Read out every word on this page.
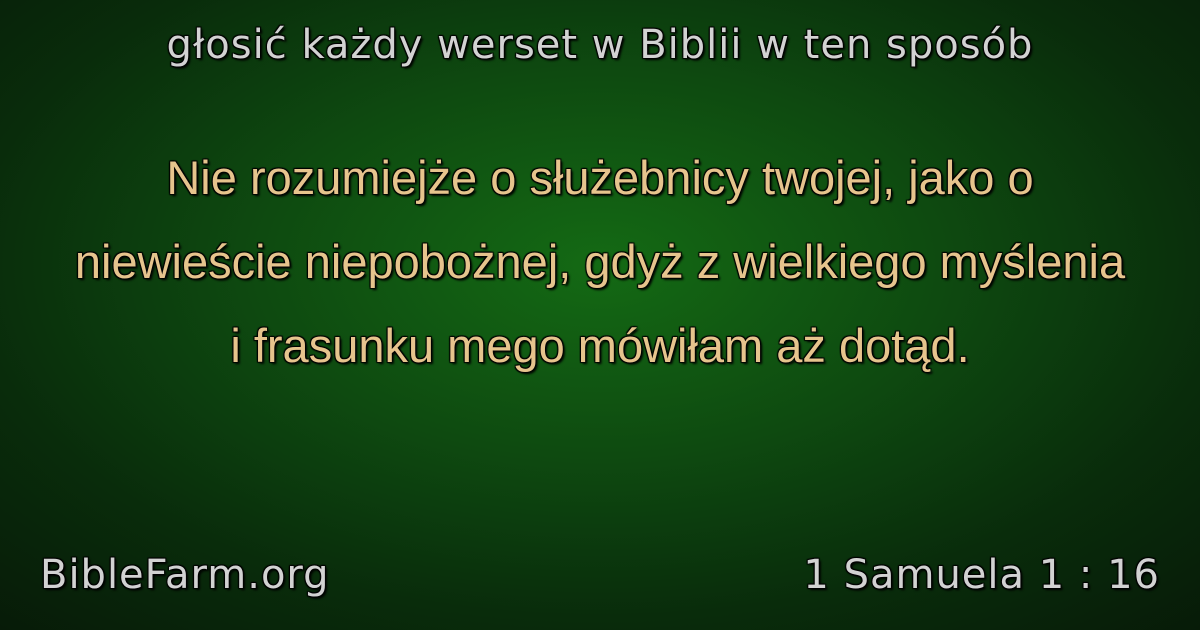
głosić każdy werset w Biblii w ten sposób
Nie rozumiejże o służebnicy twojej, jako o niewieście niepobożnej, gdyż z wielkiego myślenia i frasunku mego mówiłam aż dotąd.
BibleFarm.org	1 Samuela 1 : 16
